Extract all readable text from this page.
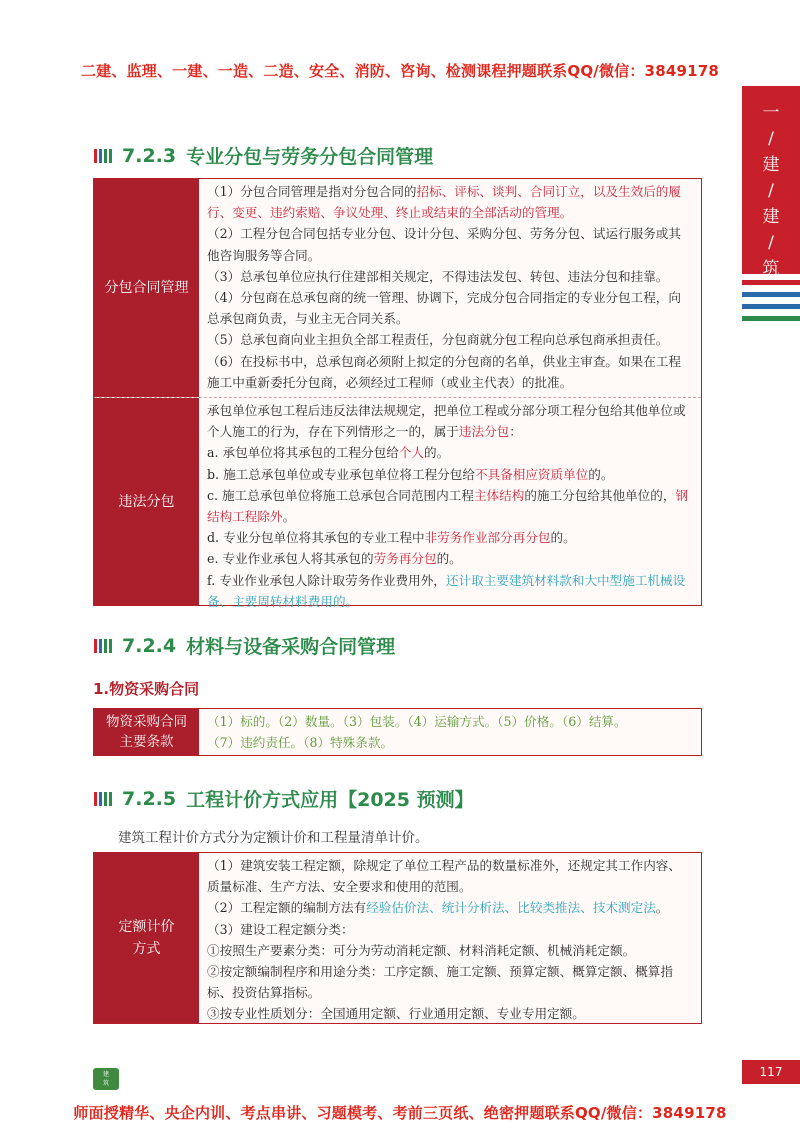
二建、监理、一建、一造、二造、安全、消防、咨询、检测课程押题联系QQ/微信：3849178
师面授精华、央企内训、考点串讲、习题模考、考前三页纸、绝密押题联系QQ/微信：3849178
一
/
建
/
建
/
筑
7.2.3 专业分包与劳务分包合同管理
分包合同管理
（1）分包合同管理是指对分包合同的招标、评标、谈判、合同订立，以及生效后的履行、变更、违约索赔、争议处理、终止或结束的全部活动的管理。
（2）工程分包合同包括专业分包、设计分包、采购分包、劳务分包、试运行服务或其他咨询服务等合同。
（3）总承包单位应执行住建部相关规定，不得违法发包、转包、违法分包和挂靠。
（4）分包商在总承包商的统一管理、协调下，完成分包合同指定的专业分包工程，向总承包商负责，与业主无合同关系。
（5）总承包商向业主担负全部工程责任，分包商就分包工程向总承包商承担责任。
（6）在投标书中，总承包商必须附上拟定的分包商的名单，供业主审查。如果在工程施工中重新委托分包商，必须经过工程师（或业主代表）的批准。
违法分包
承包单位承包工程后违反法律法规规定，把单位工程或分部分项工程分包给其他单位或个人施工的行为，存在下列情形之一的，属于违法分包：
a. 承包单位将其承包的工程分包给个人的。
b. 施工总承包单位或专业承包单位将工程分包给不具备相应资质单位的。
c. 施工总承包单位将施工总承包合同范围内工程主体结构的施工分包给其他单位的，钢结构工程除外。
d. 专业分包单位将其承包的专业工程中非劳务作业部分再分包的。
e. 专业作业承包人将其承包的劳务再分包的。
f. 专业作业承包人除计取劳务作业费用外，还计取主要建筑材料款和大中型施工机械设备、主要周转材料费用的。
7.2.4 材料与设备采购合同管理
1.物资采购合同
物资采购合同主要条款
（1）标的。（2）数量。（3）包装。（4）运输方式。（5）价格。（6）结算。
（7）违约责任。（8）特殊条款。
7.2.5 工程计价方式应用【2025 预测】
建筑工程计价方式分为定额计价和工程量清单计价。
定额计价方式
（1）建筑安装工程定额，除规定了单位工程产品的数量标准外，还规定其工作内容、质量标准、生产方法、安全要求和使用的范围。
（2）工程定额的编制方法有经验估价法、统计分析法、比较类推法、技术测定法。
（3）建设工程定额分类：
①按照生产要素分类：可分为劳动消耗定额、材料消耗定额、机械消耗定额。
②按定额编制程序和用途分类：工序定额、施工定额、预算定额、概算定额、概算指标、投资估算指标。
③按专业性质划分：全国通用定额、行业通用定额、专业专用定额。
建
筑
117
